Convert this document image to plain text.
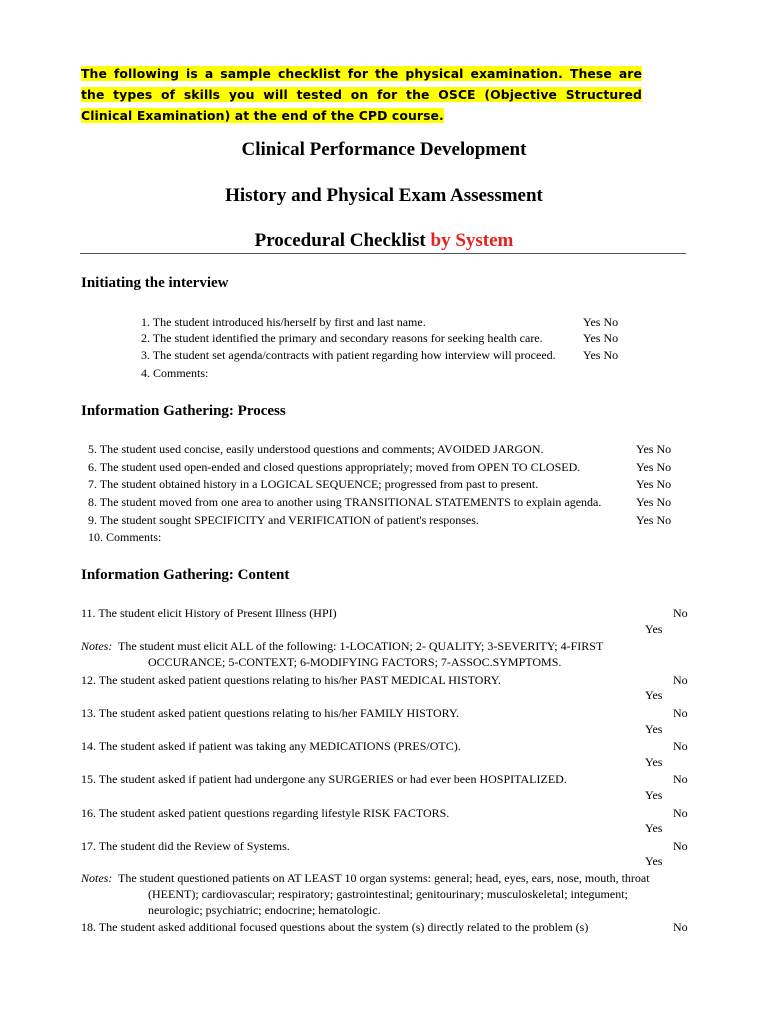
The following is a sample checklist for the physical examination. These are the types of skills you will tested on for the OSCE (Objective Structured Clinical Examination) at the end of the CPD course.
Clinical Performance Development
History and Physical Exam Assessment
Procedural Checklist by System
Initiating the interview
1. The student introduced his/herself by first and last name.	Yes No
2. The student identified the primary and secondary reasons for seeking health care.	Yes No
3. The student set agenda/contracts with patient regarding how interview will proceed. Yes No
4. Comments:
Information Gathering: Process
5. The student used concise, easily understood questions and comments; AVOIDED JARGON.	Yes No
6. The student used open-ended and closed questions appropriately; moved from OPEN TO CLOSED.	Yes No
7. The student obtained history in a LOGICAL SEQUENCE; progressed from past to present.	Yes No
8. The student moved from one area to another using TRANSITIONAL STATEMENTS to explain agenda.	Yes No
9. The student sought SPECIFICITY and VERIFICATION of patient's responses.	Yes No
10. Comments:
Information Gathering: Content
11. The student elicit History of Present Illness (HPI)	No
Yes
Notes: The student must elicit ALL of the following: 1-LOCATION; 2- QUALITY; 3-SEVERITY; 4-FIRST OCCURANCE; 5-CONTEXT; 6-MODIFYING FACTORS; 7-ASSOC.SYMPTOMS.
12. The student asked patient questions relating to his/her PAST MEDICAL HISTORY.	No
Yes
13. The student asked patient questions relating to his/her FAMILY HISTORY.	No
Yes
14. The student asked if patient was taking any MEDICATIONS (PRES/OTC).	No
Yes
15. The student asked if patient had undergone any SURGERIES or had ever been HOSPITALIZED.	No
Yes
16. The student asked patient questions regarding lifestyle RISK FACTORS.	No
Yes
17. The student did the Review of Systems.	No
Yes
Notes: The student questioned patients on AT LEAST 10 organ systems: general; head, eyes, ears, nose, mouth, throat (HEENT); cardiovascular; respiratory; gastrointestinal; genitourinary; musculoskeletal; integument; neurologic; psychiatric; endocrine; hematologic.
18. The student asked additional focused questions about the system (s) directly related to the problem (s)	No
